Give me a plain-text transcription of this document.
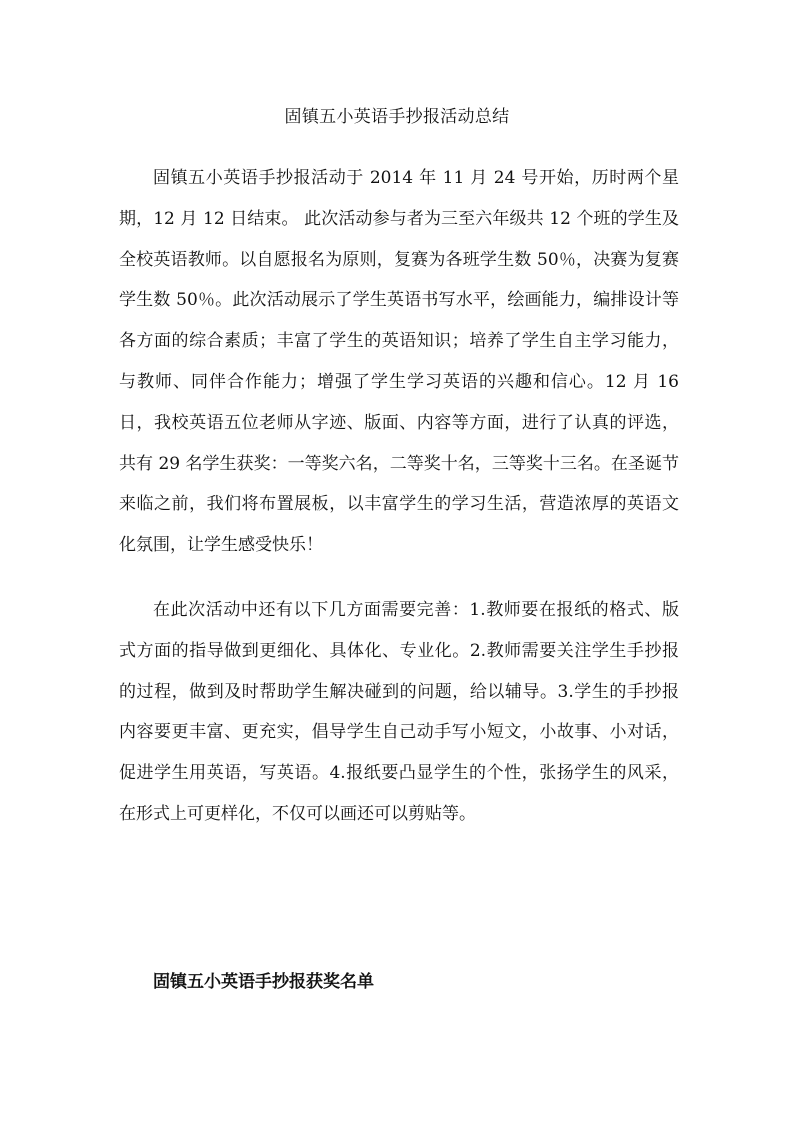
固镇五小英语手抄报活动总结

固镇五小英语手抄报活动于 2014 年 11 月 24 号开始，历时两个星期，12 月 12 日结束。 此次活动参与者为三至六年级共 12 个班的学生及全校英语教师。以自愿报名为原则，复赛为各班学生数 50％，决赛为复赛学生数 50％。此次活动展示了学生英语书写水平，绘画能力，编排设计等各方面的综合素质；丰富了学生的英语知识；培养了学生自主学习能力，与教师、同伴合作能力；增强了学生学习英语的兴趣和信心。12 月 16 日，我校英语五位老师从字迹、版面、内容等方面，进行了认真的评选，共有 29 名学生获奖：一等奖六名，二等奖十名，三等奖十三名。在圣诞节来临之前，我们将布置展板，以丰富学生的学习生活，营造浓厚的英语文化氛围，让学生感受快乐！

在此次活动中还有以下几方面需要完善：1.教师要在报纸的格式、版式方面的指导做到更细化、具体化、专业化。2.教师需要关注学生手抄报的过程，做到及时帮助学生解决碰到的问题，给以辅导。3.学生的手抄报内容要更丰富、更充实，倡导学生自己动手写小短文，小故事、小对话，促进学生用英语，写英语。4.报纸要凸显学生的个性，张扬学生的风采，在形式上可更样化，不仅可以画还可以剪贴等。

固镇五小英语手抄报获奖名单
